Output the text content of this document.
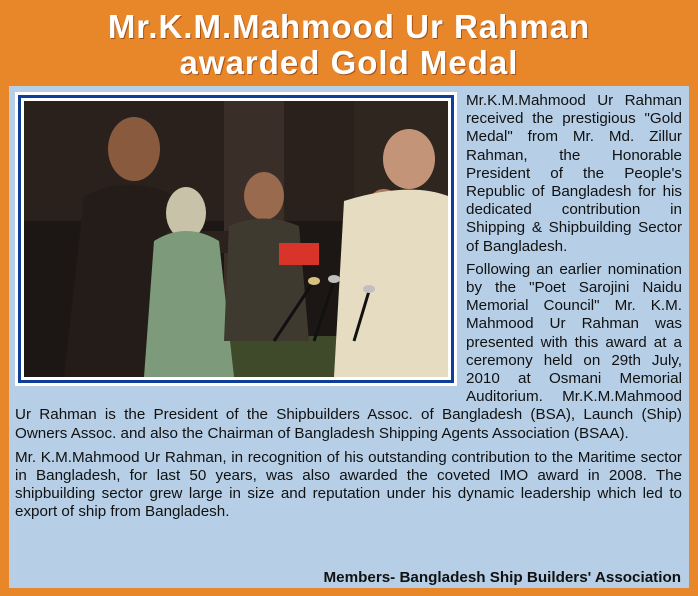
Mr.K.M.Mahmood Ur Rahman
awarded Gold Medal

Mr.K.M.Mahmood Ur Rahman received the prestigious "Gold Medal" from Mr. Md. Zillur Rahman, the Honorable President of the People's Republic of Bangladesh for his dedicated contribution in Shipping & Shipbuilding Sector of Bangladesh.

Following an earlier nomination by the "Poet Sarojini Naidu Memorial Council" Mr. K.M. Mahmood Ur Rahman was presented with this award at a ceremony held on 29th July, 2010 at Osmani Memorial Auditorium. Mr.K.M.Mahmood Ur Rahman is the President of the Shipbuilders Assoc. of Bangladesh (BSA), Launch (Ship) Owners Assoc. and also the Chairman of Bangladesh Shipping Agents Association (BSAA).

Mr. K.M.Mahmood Ur Rahman, in recognition of his outstanding contribution to the Maritime sector in Bangladesh, for last 50 years, was also awarded the coveted IMO award in 2008. The shipbuilding sector grew large in size and reputation under his dynamic leadership which led to export of ship from Bangladesh.

Members- Bangladesh Ship Builders' Association
